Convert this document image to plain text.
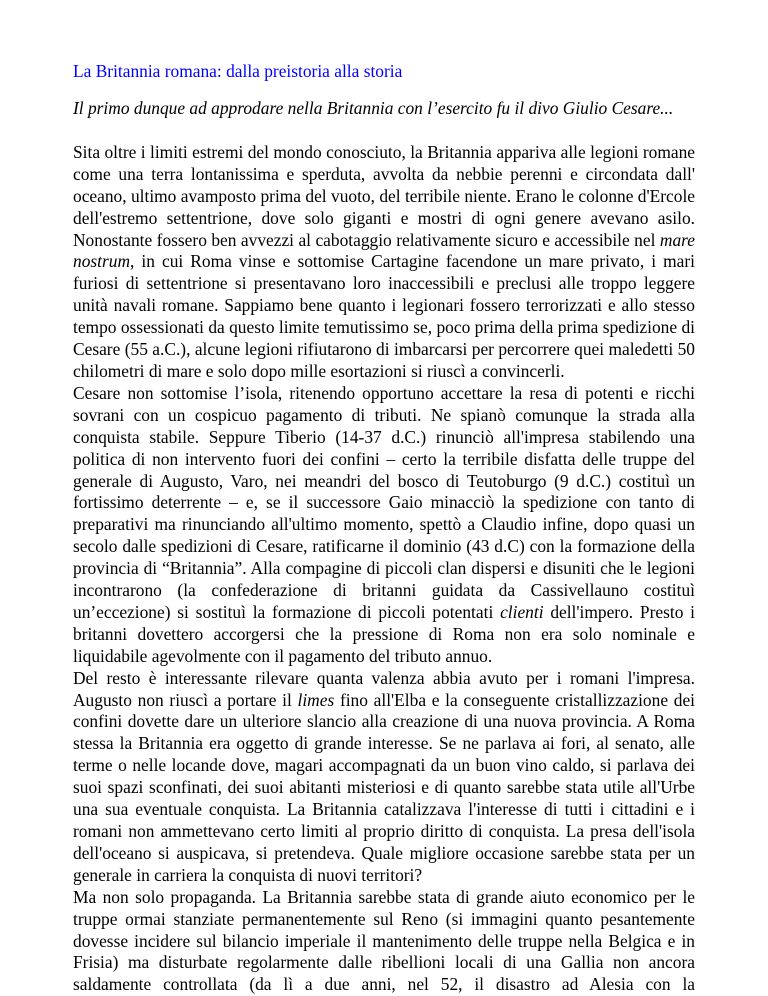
La Britannia romana: dalla preistoria alla storia
Il primo dunque ad approdare nella Britannia con l’esercito fu il divo Giulio Cesare...

Sita oltre i limiti estremi del mondo conosciuto, la Britannia appariva alle legioni romane come una terra lontanissima e sperduta, avvolta da nebbie perenni e circondata dall' oceano, ultimo avamposto prima del vuoto, del terribile niente. Erano le colonne d'Ercole dell'estremo settentrione, dove solo giganti e mostri di ogni genere avevano asilo. Nonostante fossero ben avvezzi al cabotaggio relativamente sicuro e accessibile nel mare nostrum, in cui Roma vinse e sottomise Cartagine facendone un mare privato, i mari furiosi di settentrione si presentavano loro inaccessibili e preclusi alle troppo leggere unità navali romane. Sappiamo bene quanto i legionari fossero terrorizzati e allo stesso tempo ossessionati da questo limite temutissimo se, poco prima della prima spedizione di Cesare (55 a.C.), alcune legioni rifiutarono di imbarcarsi per percorrere quei maledetti 50 chilometri di mare e solo dopo mille esortazioni si riuscì a convincerli.

Cesare non sottomise l’isola, ritenendo opportuno accettare la resa di potenti e ricchi sovrani con un cospicuo pagamento di tributi. Ne spianò comunque la strada alla conquista stabile. Seppure Tiberio (14-37 d.C.) rinunciò all'impresa stabilendo una politica di non intervento fuori dei confini – certo la terribile disfatta delle truppe del generale di Augusto, Varo, nei meandri del bosco di Teutoburgo (9 d.C.) costituì un fortissimo deterrente – e, se il successore Gaio minacciò la spedizione con tanto di preparativi ma rinunciando all'ultimo momento, spettò a Claudio infine, dopo quasi un secolo dalle spedizioni di Cesare, ratificarne il dominio (43 d.C) con la formazione della provincia di “Britannia”. Alla compagine di piccoli clan dispersi e disuniti che le legioni incontrarono (la confederazione di britanni guidata da Cassivellauno costituì un’eccezione) si sostituì la formazione di piccoli potentati clienti dell'impero. Presto i britanni dovettero accorgersi che la pressione di Roma non era solo nominale e liquidabile agevolmente con il pagamento del tributo annuo.

Del resto è interessante rilevare quanta valenza abbia avuto per i romani l'impresa. Augusto non riuscì a portare il limes fino all'Elba e la conseguente cristallizzazione dei confini dovette dare un ulteriore slancio alla creazione di una nuova provincia. A Roma stessa la Britannia era oggetto di grande interesse. Se ne parlava ai fori, al senato, alle terme o nelle locande dove, magari accompagnati da un buon vino caldo, si parlava dei suoi spazi sconfinati, dei suoi abitanti misteriosi e di quanto sarebbe stata utile all'Urbe una sua eventuale conquista. La Britannia catalizzava l'interesse di tutti i cittadini e i romani non ammettevano certo limiti al proprio diritto di conquista. La presa dell'isola dell'oceano si auspicava, si pretendeva. Quale migliore occasione sarebbe stata per un generale in carriera la conquista di nuovi territori?

Ma non solo propaganda. La Britannia sarebbe stata di grande aiuto economico per le truppe ormai stanziate permanentemente sul Reno (si immagini quanto pesantemente dovesse incidere sul bilancio imperiale il mantenimento delle truppe nella Belgica e in Frisia) ma disturbate regolarmente dalle ribellioni locali di una Gallia non ancora saldamente controllata (da lì a due anni, nel 52, il disastro ad Alesia con la
